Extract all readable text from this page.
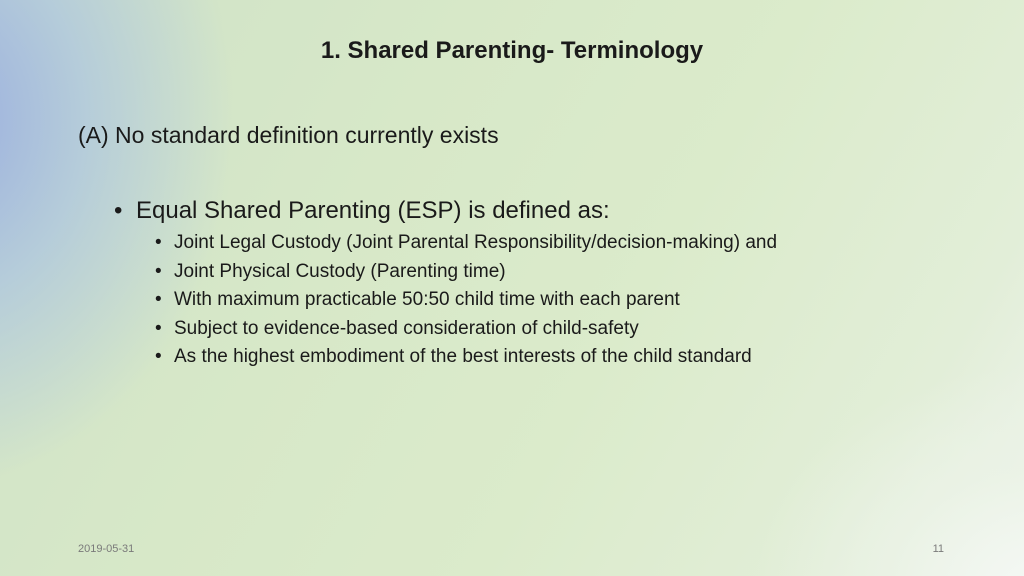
1. Shared Parenting- Terminology
(A) No standard definition currently exists
• Equal Shared Parenting (ESP) is defined as:
• Joint Legal Custody (Joint Parental Responsibility/decision-making) and
• Joint Physical Custody (Parenting time)
• With maximum practicable 50:50 child time with each parent
• Subject to evidence-based consideration of child-safety
• As the highest embodiment of the best interests of the child standard
2019-05-31	11
